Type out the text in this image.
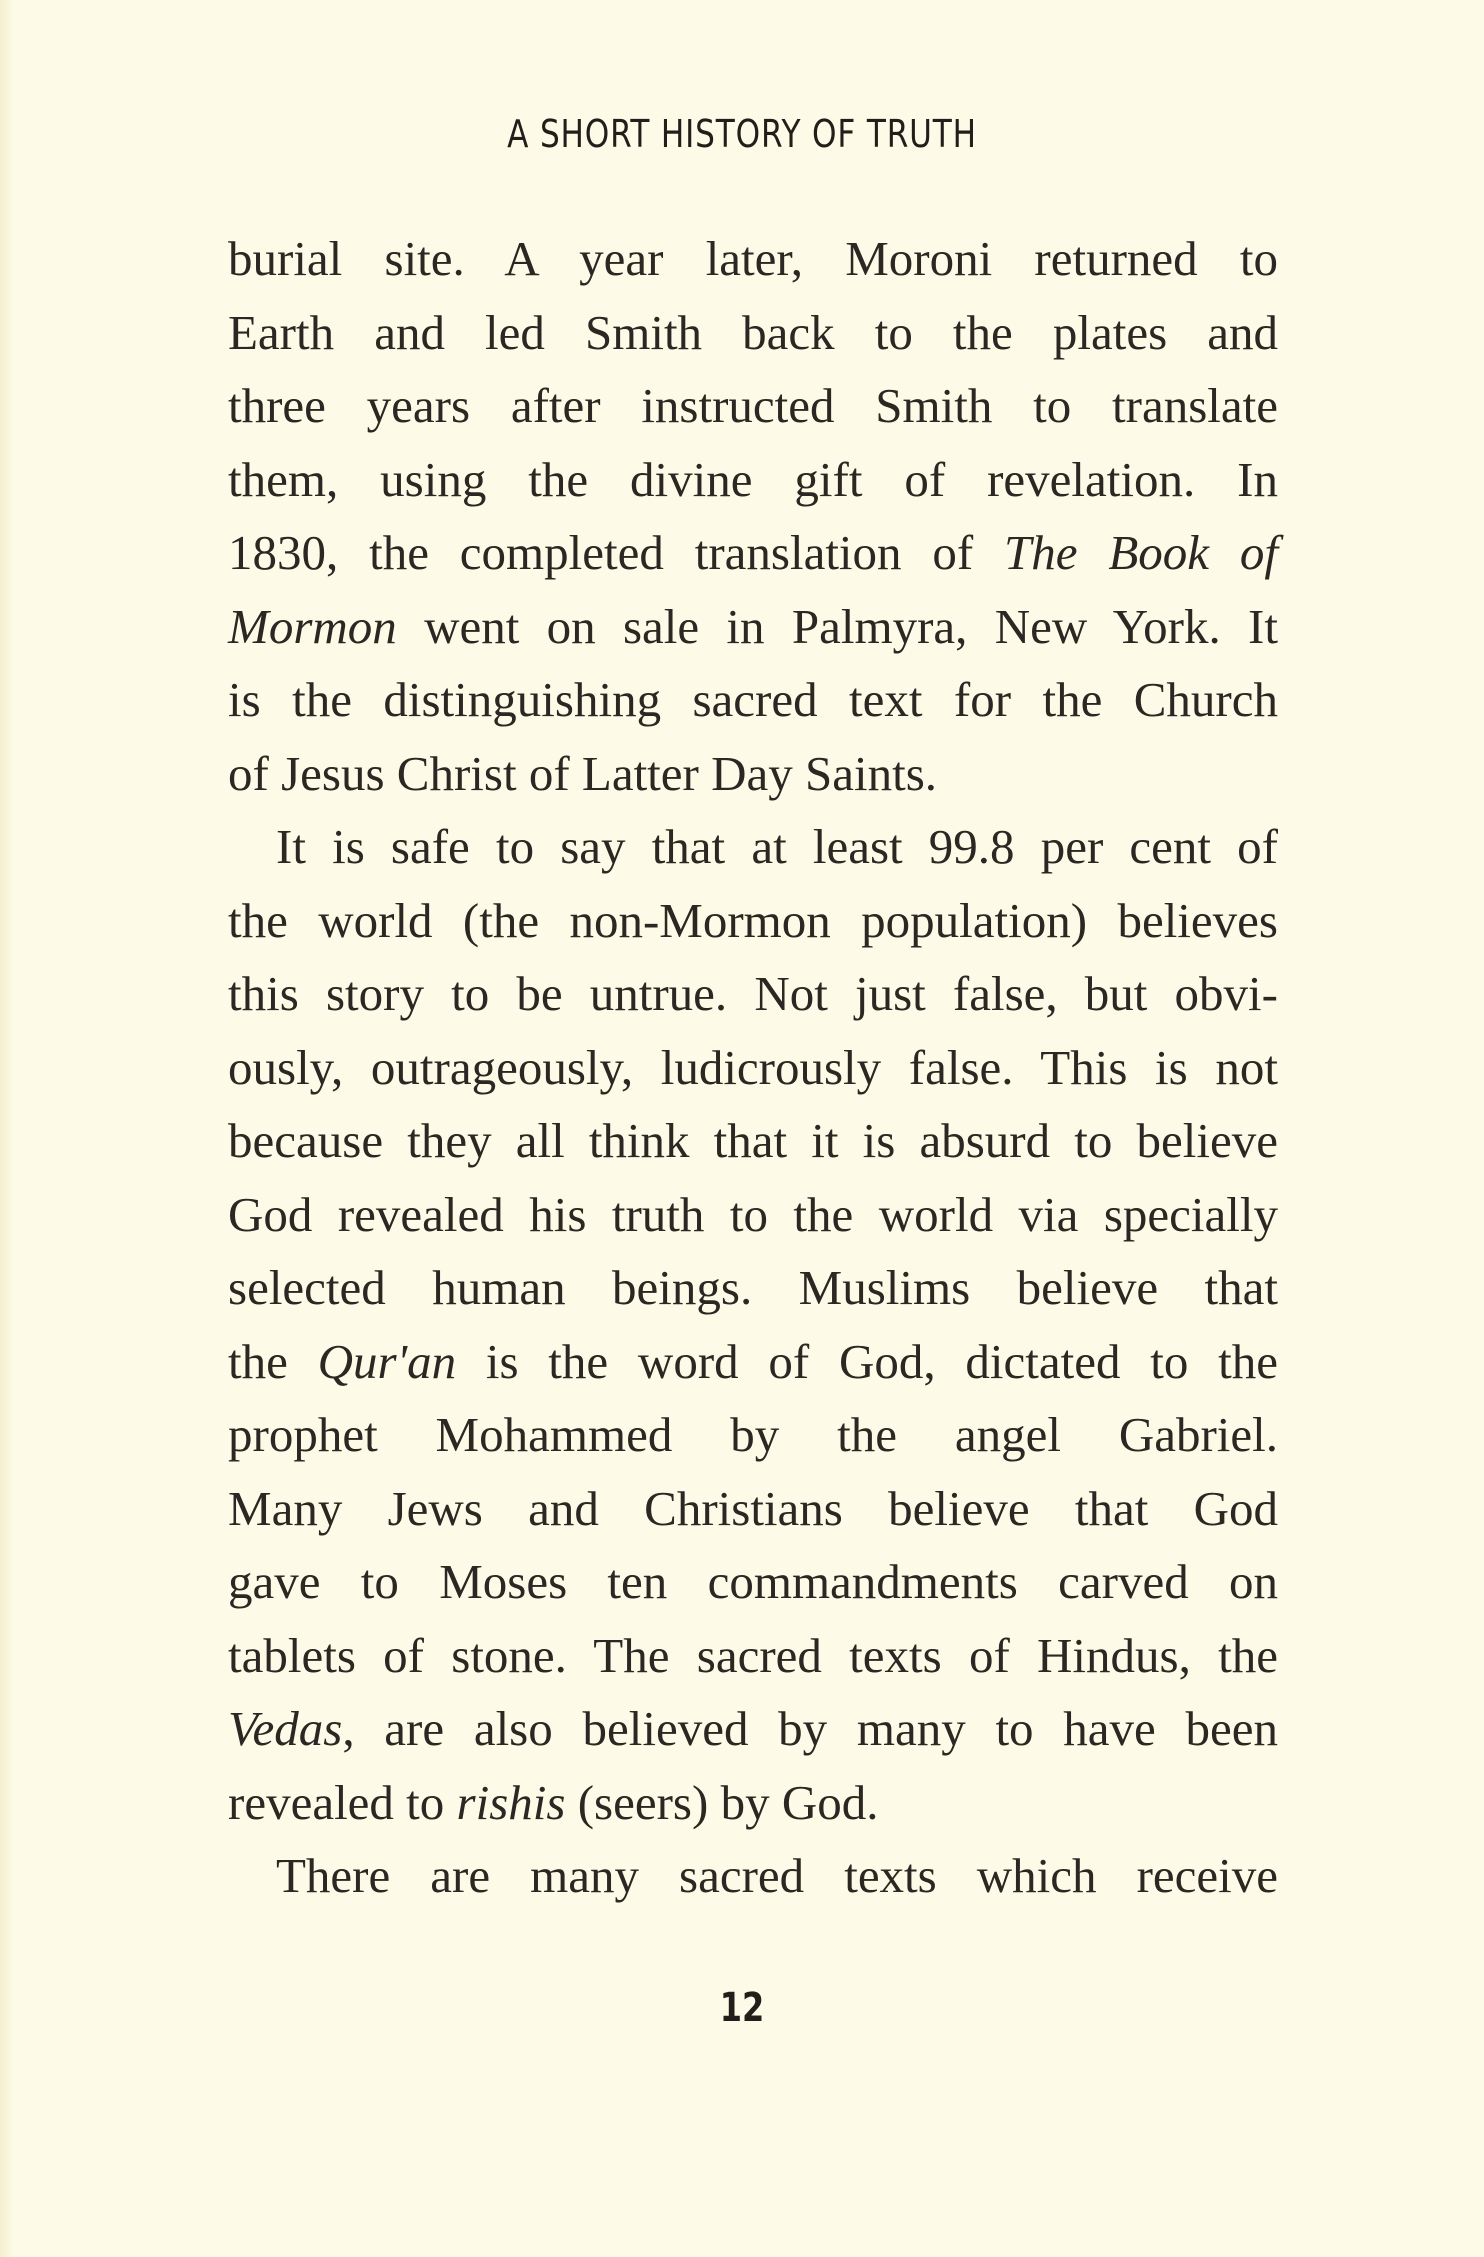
A SHORT HISTORY OF TRUTH

burial site. A year later, Moroni returned to
Earth and led Smith back to the plates and
three years after instructed Smith to translate
them, using the divine gift of revelation. In
1830, the completed translation of The Book of
Mormon went on sale in Palmyra, New York. It
is the distinguishing sacred text for the Church
of Jesus Christ of Latter Day Saints.

It is safe to say that at least 99.8 per cent of
the world (the non-Mormon population) believes
this story to be untrue. Not just false, but obvi-
ously, outrageously, ludicrously false. This is not
because they all think that it is absurd to believe
God revealed his truth to the world via specially
selected human beings. Muslims believe that
the Qur'an is the word of God, dictated to the
prophet Mohammed by the angel Gabriel.
Many Jews and Christians believe that God
gave to Moses ten commandments carved on
tablets of stone. The sacred texts of Hindus, the
Vedas, are also believed by many to have been
revealed to rishis (seers) by God.

There are many sacred texts which receive

12
